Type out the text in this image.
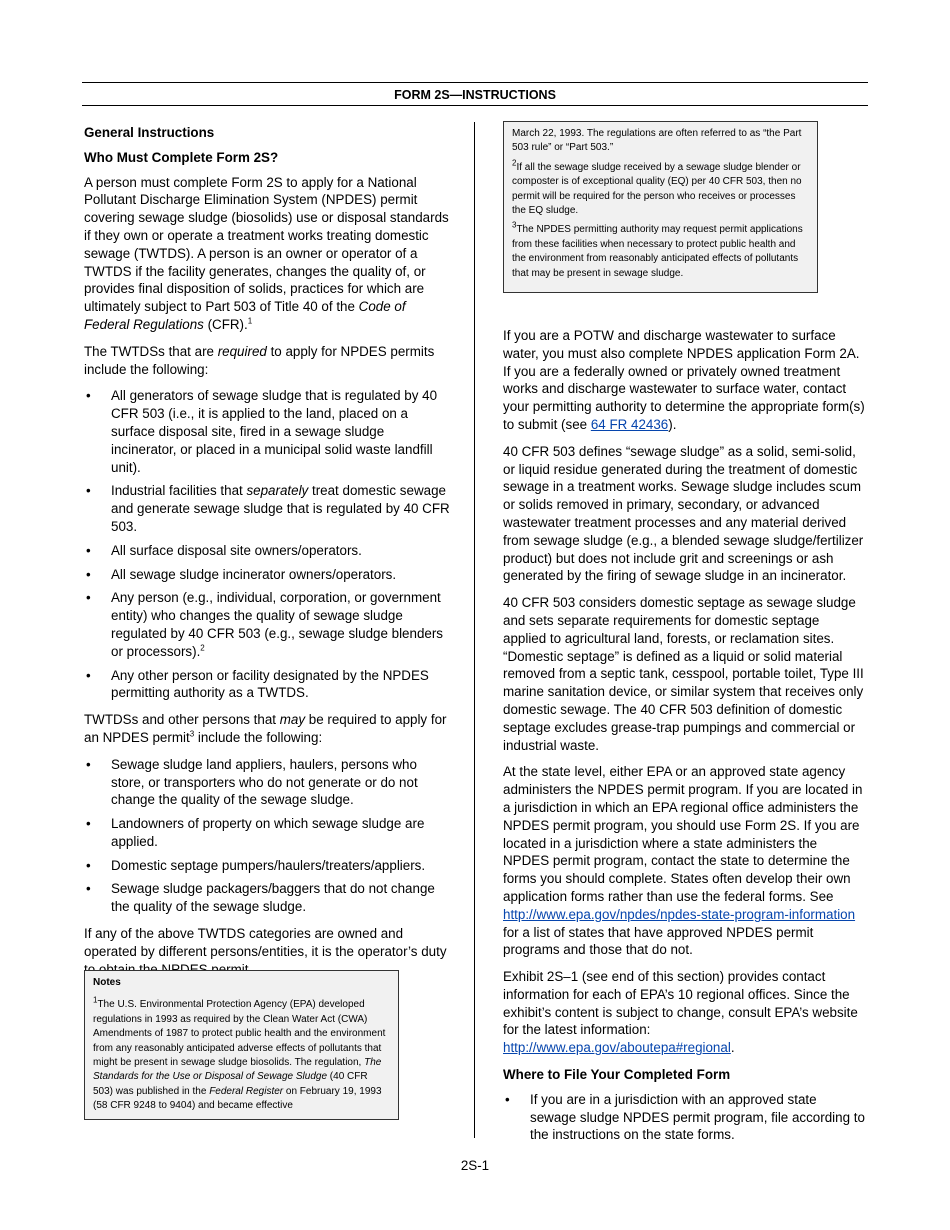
FORM 2S—INSTRUCTIONS
General Instructions
Who Must Complete Form 2S?

A person must complete Form 2S to apply for a National Pollutant Discharge Elimination System (NPDES) permit covering sewage sludge (biosolids) use or disposal standards if they own or operate a treatment works treating domestic sewage (TWTDS). A person is an owner or operator of a TWTDS if the facility generates, changes the quality of, or provides final disposition of solids, practices for which are ultimately subject to Part 503 of Title 40 of the Code of Federal Regulations (CFR).$^1$

The TWTDSs that are required to apply for NPDES permits include the following:

• All generators of sewage sludge that is regulated by 40 CFR 503 (i.e., it is applied to the land, placed on a surface disposal site, fired in a sewage sludge incinerator, or placed in a municipal solid waste landfill unit).
• Industrial facilities that separately treat domestic sewage and generate sewage sludge that is regulated by 40 CFR 503.
• All surface disposal site owners/operators.
• All sewage sludge incinerator owners/operators.
• Any person (e.g., individual, corporation, or government entity) who changes the quality of sewage sludge regulated by 40 CFR 503 (e.g., sewage sludge blenders or processors).$^2$
• Any other person or facility designated by the NPDES permitting authority as a TWTDS.

TWTDSs and other persons that may be required to apply for an NPDES permit$^3$ include the following:

• Sewage sludge land appliers, haulers, persons who store, or transporters who do not generate or do not change the quality of the sewage sludge.
• Landowners of property on which sewage sludge are applied.
• Domestic septage pumpers/haulers/treaters/appliers.
• Sewage sludge packagers/baggers that do not change the quality of the sewage sludge.

If any of the above TWTDS categories are owned and operated by different persons/entities, it is the operator’s duty

Notes

$^1$The U.S. Environmental Protection Agency (EPA) developed regulations in 1993 as required by the Clean Water Act (CWA) Amendments of 1987 to protect public health and the environment from any reasonably anticipated adverse effects of pollutants that might be present in sewage sludge biosolids. The regulation, The Standards for the Use or Disposal of Sewage Sludge (40 CFR 503) was published in the Federal Register on February 19, 1993 (58 CFR 9248 to 9404) and became effective

March 22, 1993. The regulations are often referred to as “the Part 503 rule” or “Part 503.”

$^2$If all the sewage sludge received by a sewage sludge blender or composter is of exceptional quality (EQ) per 40 CFR 503, then no permit will be required for the person who receives or processes the EQ sludge.

$^3$The NPDES permitting authority may request permit applications from these facilities when necessary to protect public health and the environment from reasonably anticipated effects of pollutants that may be present in sewage sludge.

If you are a POTW and discharge wastewater to surface water, you must also complete NPDES application Form 2A. If you are a federally owned or privately owned treatment works and discharge wastewater to surface water, contact your permitting authority to determine the appropriate form(s) to submit (see 64 FR 42436).

40 CFR 503 defines “sewage sludge” as a solid, semi-solid, or liquid residue generated during the treatment of domestic sewage in a treatment works. Sewage sludge includes scum or solids removed in primary, secondary, or advanced wastewater treatment processes and any material derived from sewage sludge (e.g., a blended sewage sludge/fertilizer product) but does not include grit and screenings or ash generated by the firing of sewage sludge in an incinerator.

40 CFR 503 considers domestic septage as sewage sludge and sets separate requirements for domestic septage applied to agricultural land, forests, or reclamation sites. “Domestic septage” is defined as a liquid or solid material removed from a septic tank, cesspool, portable toilet, Type III marine sanitation device, or similar system that receives only domestic sewage. The 40 CFR 503 definition of domestic septage excludes grease-trap pumpings and commercial or industrial waste.

At the state level, either EPA or an approved state agency administers the NPDES permit program. If you are located in a jurisdiction in which an EPA regional office administers the NPDES permit program, you should use Form 2S. If you are located in a jurisdiction where a state administers the NPDES permit program, contact the state to determine the forms you should complete. States often develop their own application forms rather than use the federal forms. See http://www.epa.gov/npdes/npdes-state-program-information for a list of states that have approved NPDES permit programs and those that do not.

Exhibit 2S–1 (see end of this section) provides contact information for each of EPA’s 10 regional offices. Since the exhibit’s content is subject to change, consult EPA’s website for the latest information: http://www.epa.gov/aboutepa#regional.

Where to File Your Completed Form
• If you are in a jurisdiction with an approved state sewage sludge NPDES permit program, file according to the instructions on the state forms.
2S-1
